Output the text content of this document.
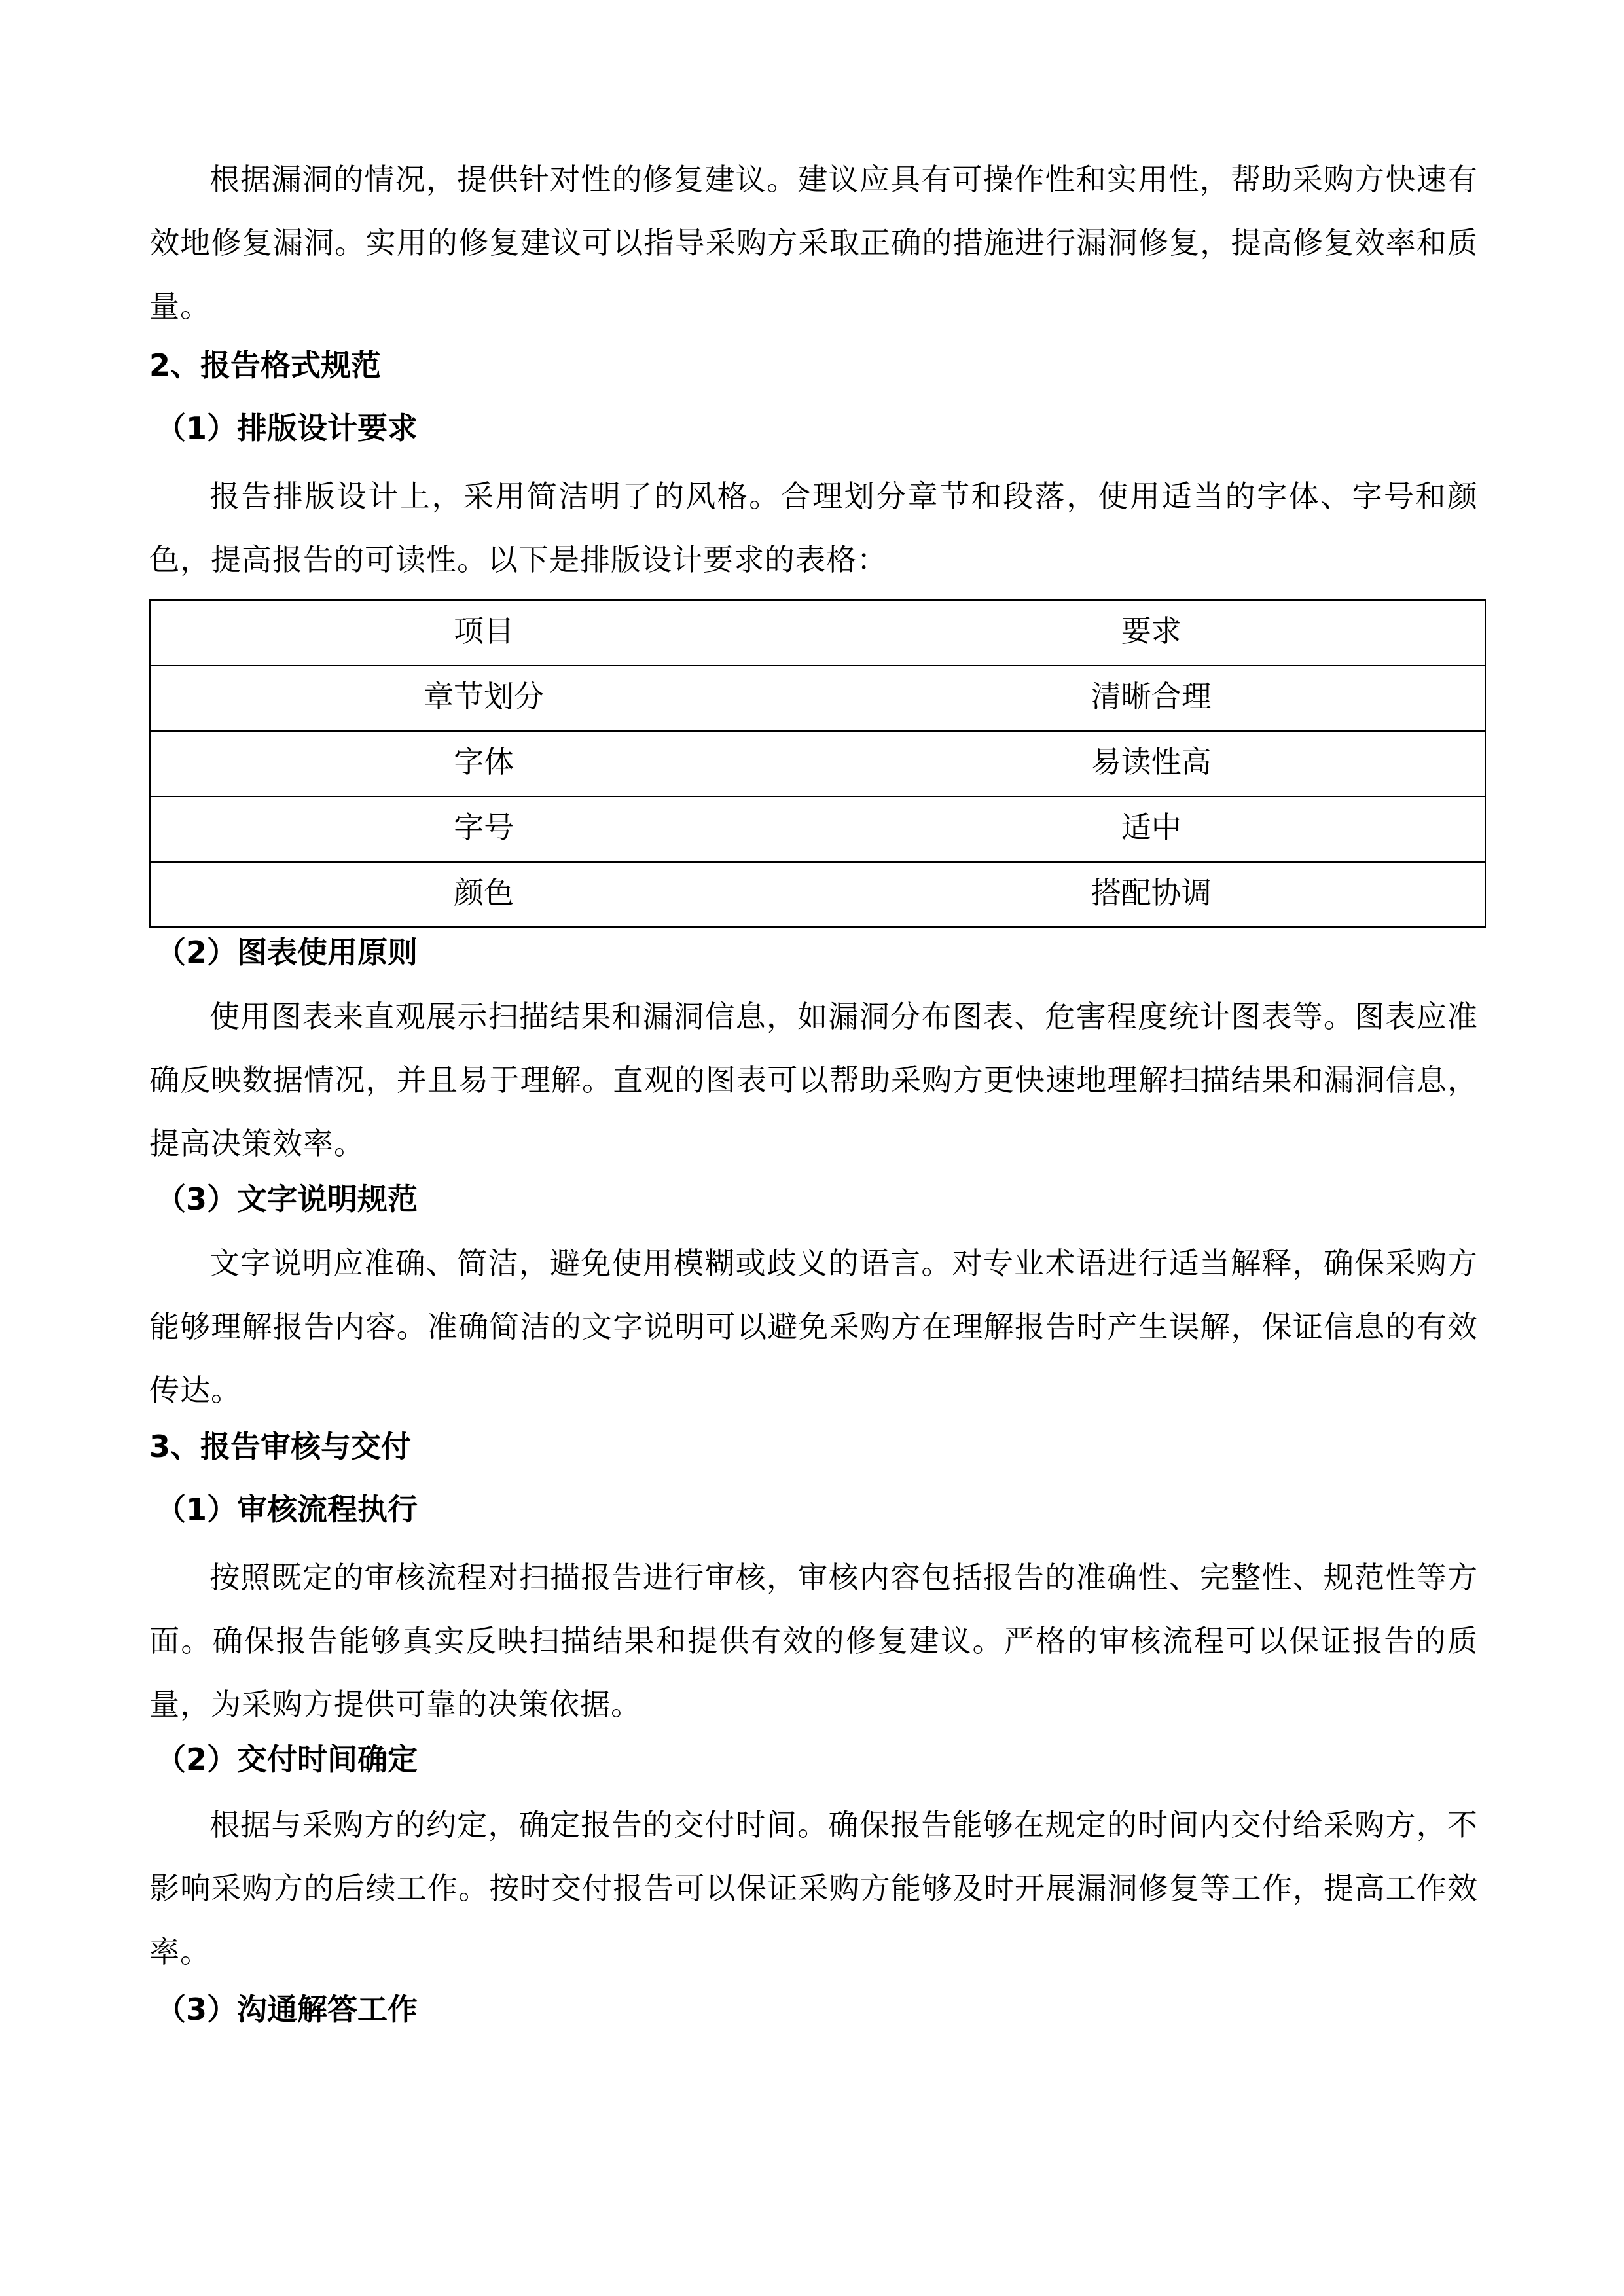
根据漏洞的情况，提供针对性的修复建议。建议应具有可操作性和实用性，帮助采购方快速有效地修复漏洞。实用的修复建议可以指导采购方采取正确的措施进行漏洞修复，提高修复效率和质量。
2、报告格式规范
（1）排版设计要求
报告排版设计上，采用简洁明了的风格。合理划分章节和段落，使用适当的字体、字号和颜色，提高报告的可读性。以下是排版设计要求的表格：
项目	要求
章节划分	清晰合理
字体	易读性高
字号	适中
颜色	搭配协调
（2）图表使用原则
使用图表来直观展示扫描结果和漏洞信息，如漏洞分布图表、危害程度统计图表等。图表应准确反映数据情况，并且易于理解。直观的图表可以帮助采购方更快速地理解扫描结果和漏洞信息，提高决策效率。
（3）文字说明规范
文字说明应准确、简洁，避免使用模糊或歧义的语言。对专业术语进行适当解释，确保采购方能够理解报告内容。准确简洁的文字说明可以避免采购方在理解报告时产生误解，保证信息的有效传达。
3、报告审核与交付
（1）审核流程执行
按照既定的审核流程对扫描报告进行审核，审核内容包括报告的准确性、完整性、规范性等方面。确保报告能够真实反映扫描结果和提供有效的修复建议。严格的审核流程可以保证报告的质量，为采购方提供可靠的决策依据。
（2）交付时间确定
根据与采购方的约定，确定报告的交付时间。确保报告能够在规定的时间内交付给采购方，不影响采购方的后续工作。按时交付报告可以保证采购方能够及时开展漏洞修复等工作，提高工作效率。
（3）沟通解答工作
